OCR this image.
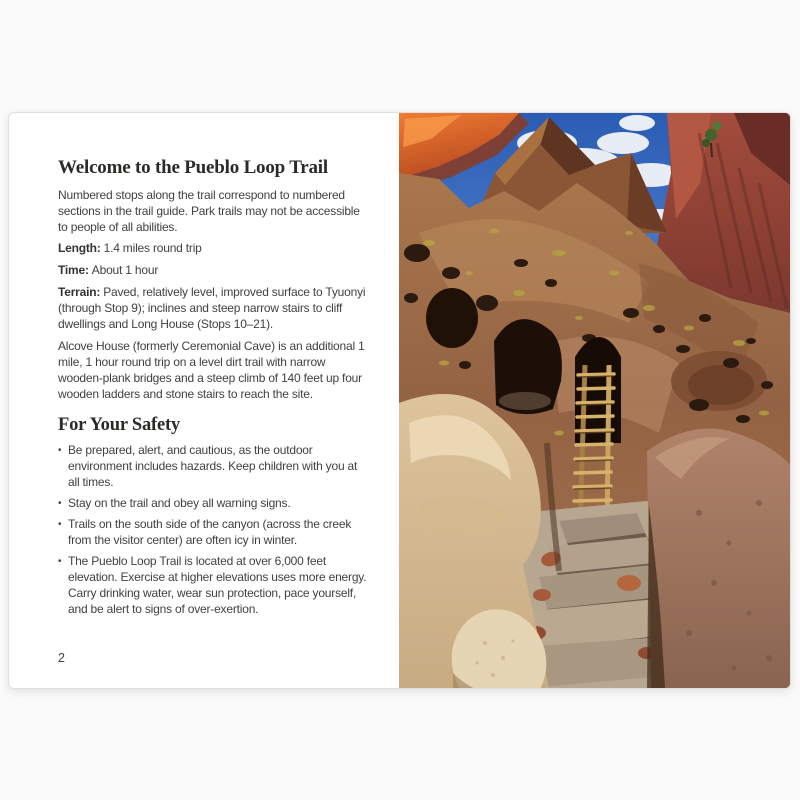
Welcome to the Pueblo Loop Trail

Numbered stops along the trail correspond to numbered sections in the trail guide. Park trails may not be accessible to people of all abilities.

Length: 1.4 miles round trip

Time: About 1 hour

Terrain: Paved, relatively level, improved surface to Tyuonyi (through Stop 9); inclines and steep narrow stairs to cliff dwellings and Long House (Stops 10–21).

Alcove House (formerly Ceremonial Cave) is an additional 1 mile, 1 hour round trip on a level dirt trail with narrow wooden-plank bridges and a steep climb of 140 feet up four wooden ladders and stone stairs to reach the site.

For Your Safety
• Be prepared, alert, and cautious, as the outdoor environment includes hazards. Keep children with you at all times.
• Stay on the trail and obey all warning signs.
• Trails on the south side of the canyon (across the creek from the visitor center) are often icy in winter.
• The Pueblo Loop Trail is located at over 6,000 feet elevation. Exercise at higher elevations uses more energy. Carry drinking water, wear sun protection, pace yourself, and be alert to signs of over-exertion.
2
